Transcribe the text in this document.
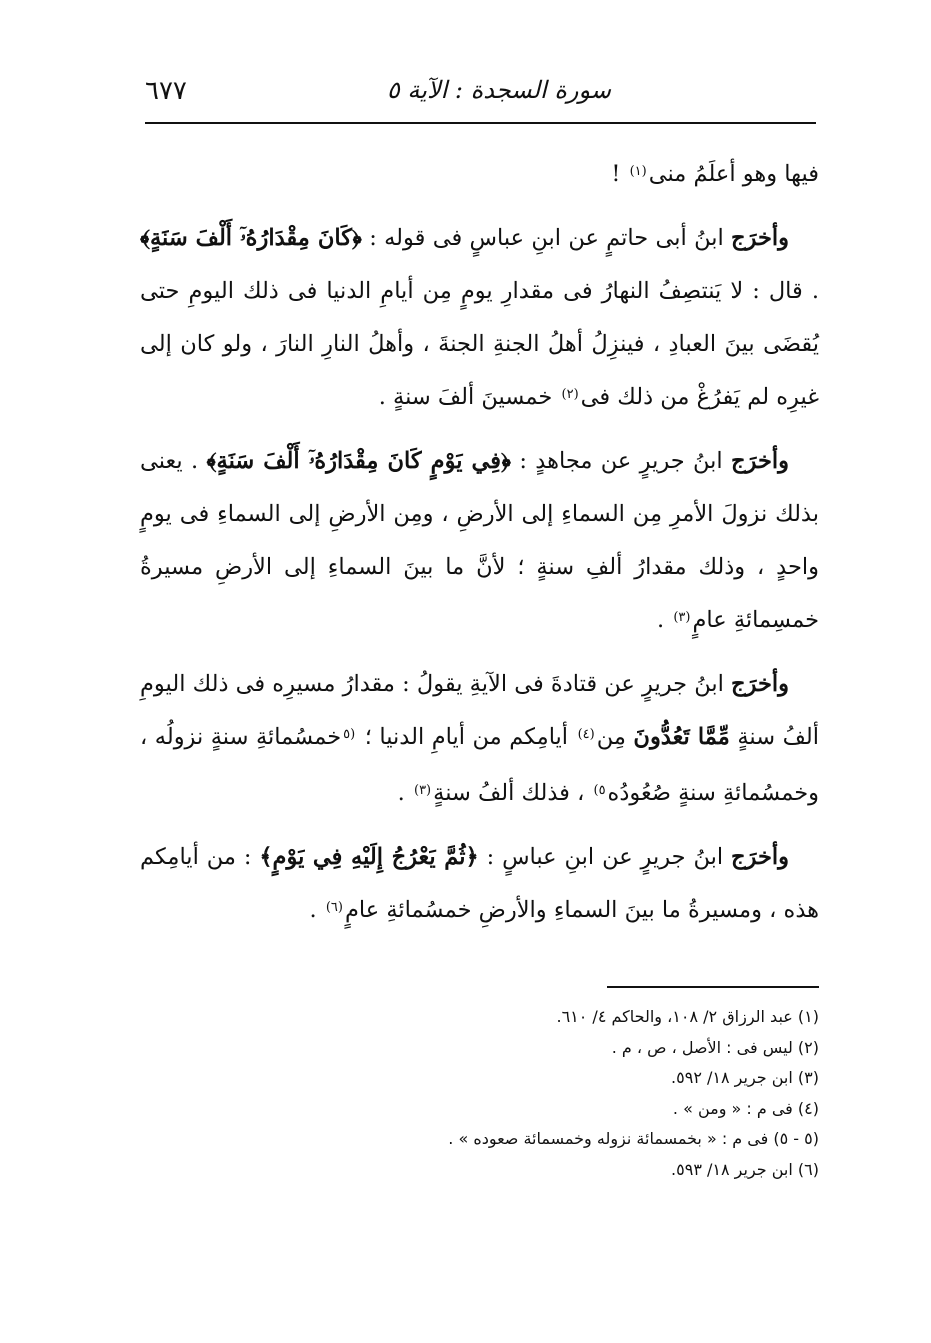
٦٧٧	سورة السجدة : الآية ٥

فيها وهو أعلَمُ منى$^{(١)}$ !

وأخرَج ابنُ أبى حاتمٍ عن ابنِ عباسٍ فى قوله : ﴿كَانَ مِقْدَارُهُۥٓ أَلْفَ سَنَةٍ﴾ . قال : لا يَنتصِفُ النهارُ فى مقدارِ يومٍ مِن أيامِ الدنيا فى ذلك اليومِ حتى يُقضَى بينَ العبادِ ، فينزِلُ أهلُ الجنةِ الجنةَ ، وأهلُ النارِ النارَ ، ولو كان إلى غيرِه لم يَفرُغْ من ذلك فى$^{(٢)}$ خمسينَ ألفَ سنةٍ .

وأخرَج ابنُ جريرٍ عن مجاهدٍ : ﴿فِي يَوْمٍ كَانَ مِقْدَارُهُۥٓ أَلْفَ سَنَةٍ﴾ . يعنى بذلك نزولَ الأمرِ مِن السماءِ إلى الأرضِ ، ومِن الأرضِ إلى السماءِ فى يومٍ واحدٍ ، وذلك مقدارُ ألفِ سنةٍ ؛ لأنَّ ما بينَ السماءِ إلى الأرضِ مسيرةُ خمسِمائةِ عامٍ$^{(٣)}$ .

وأخرَج ابنُ جريرٍ عن قتادةَ فى الآيةِ يقولُ : مقدارُ مسيرِه فى ذلك اليومِ ألفُ سنةٍ مِّمَّا تَعُدُّونَ مِن$^{(٤)}$ أيامِكم من أيامِ الدنيا ؛ $^{(٥}$خمسُمائةِ سنةٍ نزولُه ، وخمسُمائةِ سنةٍ صُعُودُه$^{٥)}$ ، فذلك ألفُ سنةٍ$^{(٣)}$ .

وأخرَج ابنُ جريرٍ عن ابنِ عباسٍ : ﴿ثُمَّ يَعْرُجُ إِلَيْهِ فِي يَوْمٍ﴾ : من أيامِكم هذه ، ومسيرةُ ما بينَ السماءِ والأرضِ خمسُمائةِ عامٍ$^{(٦)}$ .

(١) عبد الرزاق ٢/ ١٠٨، والحاكم ٤/ ٦١٠.
(٢) ليس فى : الأصل ، ص ، م .
(٣) ابن جرير ١٨/ ٥٩٢.
(٤) فى م : « ومن » .
(٥ - ٥) فى م : « بخمسمائة نزوله وخمسمائة صعوده » .
(٦) ابن جرير ١٨/ ٥٩٣.
